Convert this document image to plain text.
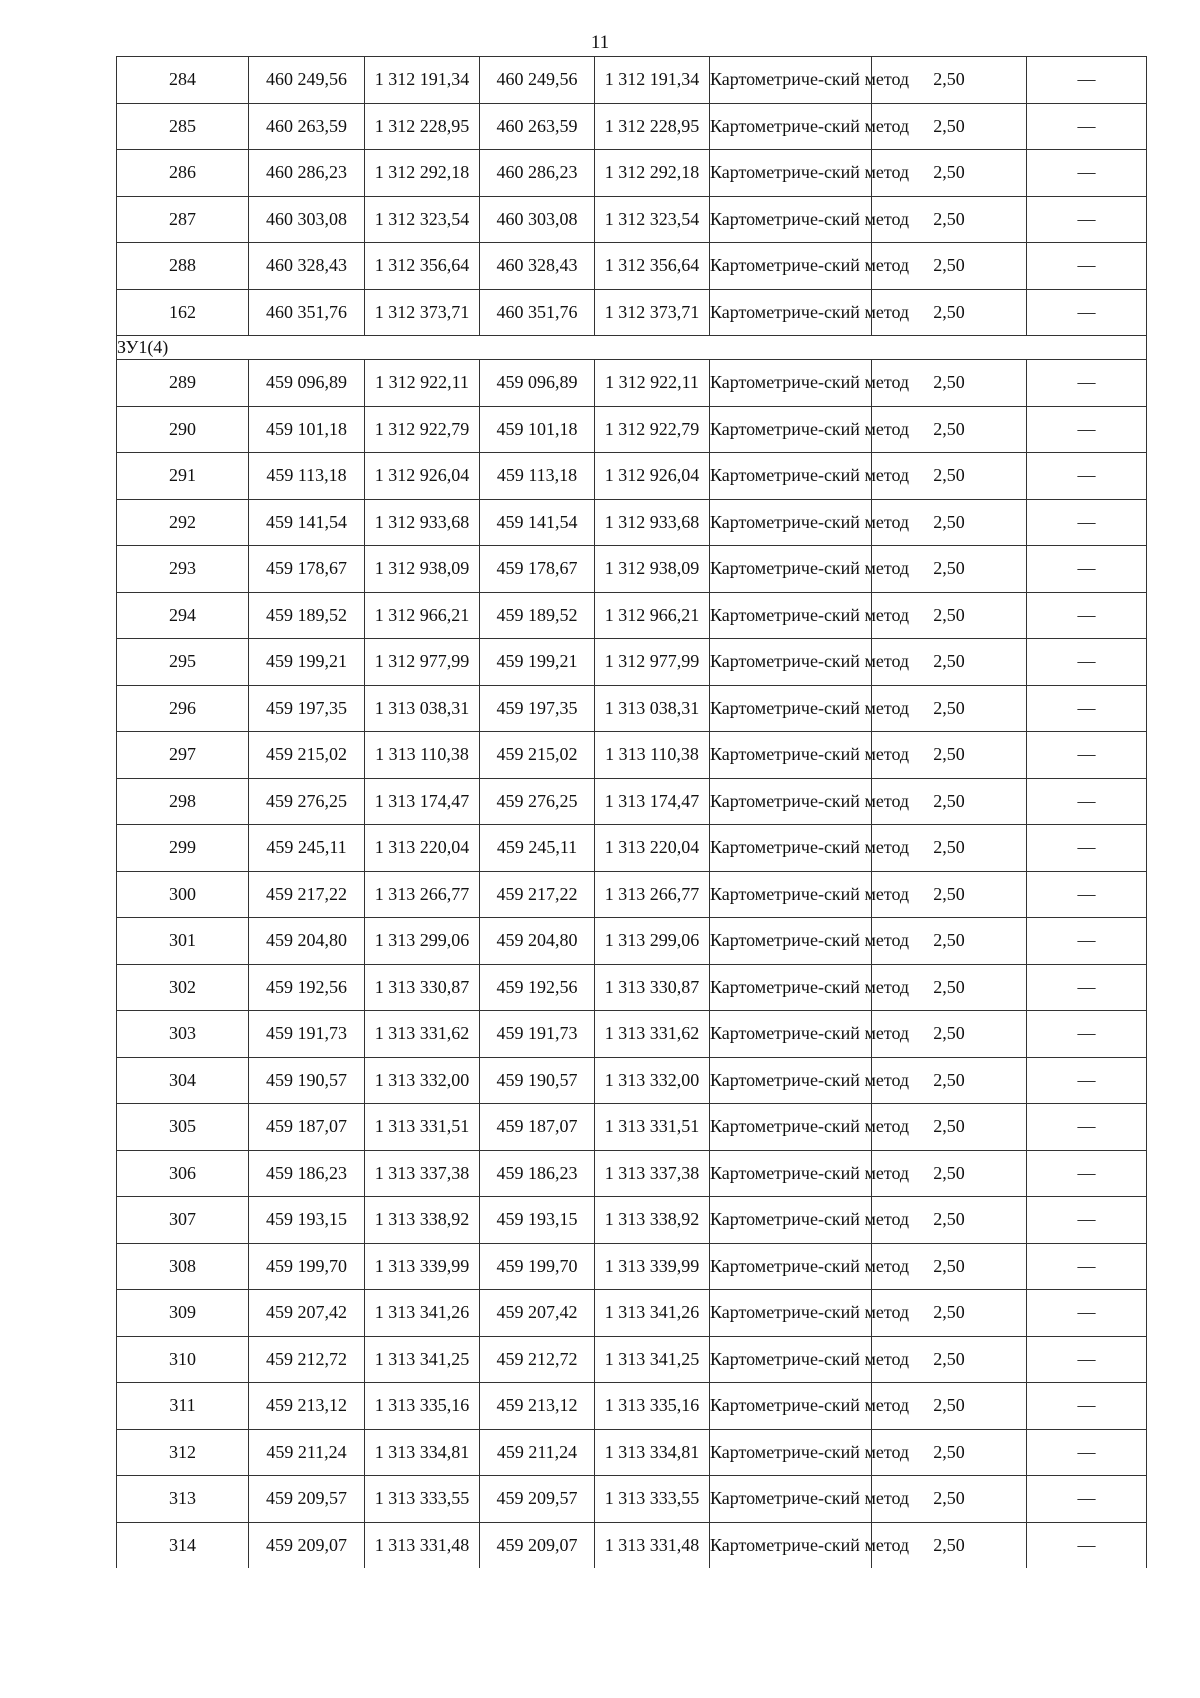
11
284	460 249,56	1 312 191,34	460 249,56	1 312 191,34	Картометриче-ский метод	2,50	—
285	460 263,59	1 312 228,95	460 263,59	1 312 228,95	Картометриче-ский метод	2,50	—
286	460 286,23	1 312 292,18	460 286,23	1 312 292,18	Картометриче-ский метод	2,50	—
287	460 303,08	1 312 323,54	460 303,08	1 312 323,54	Картометриче-ский метод	2,50	—
288	460 328,43	1 312 356,64	460 328,43	1 312 356,64	Картометриче-ский метод	2,50	—
162	460 351,76	1 312 373,71	460 351,76	1 312 373,71	Картометриче-ский метод	2,50	—
ЗУ1(4)							
289	459 096,89	1 312 922,11	459 096,89	1 312 922,11	Картометриче-ский метод	2,50	—
290	459 101,18	1 312 922,79	459 101,18	1 312 922,79	Картометриче-ский метод	2,50	—
291	459 113,18	1 312 926,04	459 113,18	1 312 926,04	Картометриче-ский метод	2,50	—
292	459 141,54	1 312 933,68	459 141,54	1 312 933,68	Картометриче-ский метод	2,50	—
293	459 178,67	1 312 938,09	459 178,67	1 312 938,09	Картометриче-ский метод	2,50	—
294	459 189,52	1 312 966,21	459 189,52	1 312 966,21	Картометриче-ский метод	2,50	—
295	459 199,21	1 312 977,99	459 199,21	1 312 977,99	Картометриче-ский метод	2,50	—
296	459 197,35	1 313 038,31	459 197,35	1 313 038,31	Картометриче-ский метод	2,50	—
297	459 215,02	1 313 110,38	459 215,02	1 313 110,38	Картометриче-ский метод	2,50	—
298	459 276,25	1 313 174,47	459 276,25	1 313 174,47	Картометриче-ский метод	2,50	—
299	459 245,11	1 313 220,04	459 245,11	1 313 220,04	Картометриче-ский метод	2,50	—
300	459 217,22	1 313 266,77	459 217,22	1 313 266,77	Картометриче-ский метод	2,50	—
301	459 204,80	1 313 299,06	459 204,80	1 313 299,06	Картометриче-ский метод	2,50	—
302	459 192,56	1 313 330,87	459 192,56	1 313 330,87	Картометриче-ский метод	2,50	—
303	459 191,73	1 313 331,62	459 191,73	1 313 331,62	Картометриче-ский метод	2,50	—
304	459 190,57	1 313 332,00	459 190,57	1 313 332,00	Картометриче-ский метод	2,50	—
305	459 187,07	1 313 331,51	459 187,07	1 313 331,51	Картометриче-ский метод	2,50	—
306	459 186,23	1 313 337,38	459 186,23	1 313 337,38	Картометриче-ский метод	2,50	—
307	459 193,15	1 313 338,92	459 193,15	1 313 338,92	Картометриче-ский метод	2,50	—
308	459 199,70	1 313 339,99	459 199,70	1 313 339,99	Картометриче-ский метод	2,50	—
309	459 207,42	1 313 341,26	459 207,42	1 313 341,26	Картометриче-ский метод	2,50	—
310	459 212,72	1 313 341,25	459 212,72	1 313 341,25	Картометриче-ский метод	2,50	—
311	459 213,12	1 313 335,16	459 213,12	1 313 335,16	Картометриче-ский метод	2,50	—
312	459 211,24	1 313 334,81	459 211,24	1 313 334,81	Картометриче-ский метод	2,50	—
313	459 209,57	1 313 333,55	459 209,57	1 313 333,55	Картометриче-ский метод	2,50	—
314	459 209,07	1 313 331,48	459 209,07	1 313 331,48	Картометриче-ский метод	2,50	—
